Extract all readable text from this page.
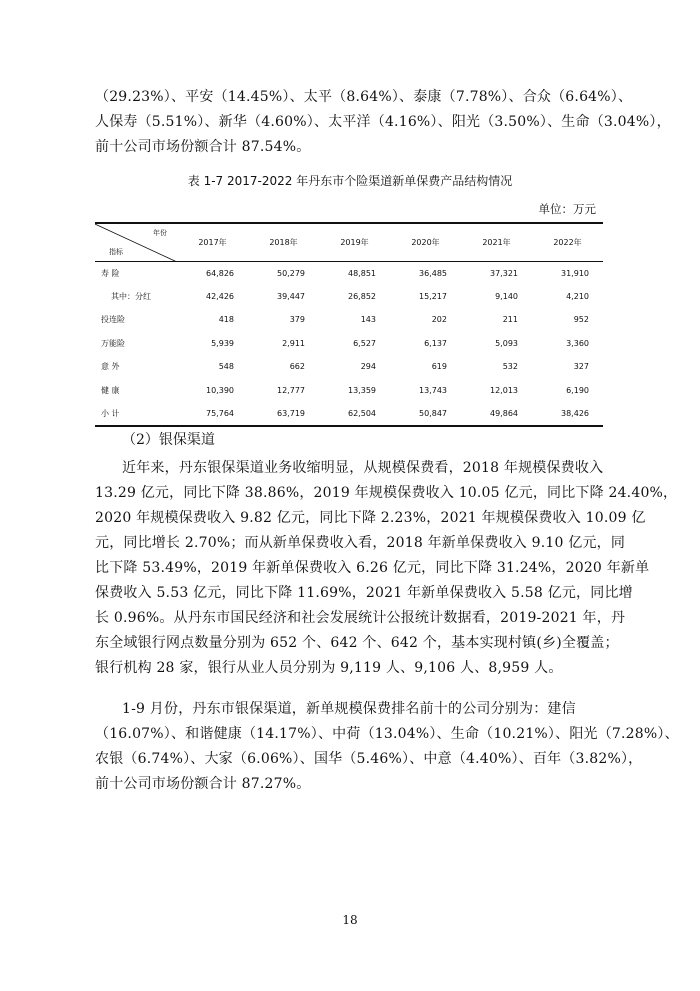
（29.23%）、平安（14.45%）、太平（8.64%）、泰康（7.78%）、合众（6.64%）、

人保寿（5.51%）、新华（4.60%）、太平洋（4.16%）、阳光（3.50%）、生命（3.04%），

前十公司市场份额合计 87.54%。

表 1-7 2017-2022 年丹东市个险渠道新单保费产品结构情况

单位：万元
年份
指标	2017年	2018年	2019年	2020年	2021年	2022年
寿 险	64,826	50,279	48,851	36,485	37,321	31,910
其中：分红	42,426	39,447	26,852	15,217	9,140	4,210
投连险	418	379	143	202	211	952
万能险	5,939	2,911	6,527	6,137	5,093	3,360
意 外	548	662	294	619	532	327
健 康	10,390	12,777	13,359	13,743	12,013	6,190
小 计	75,764	63,719	62,504	50,847	49,864	38,426

（2）银保渠道

近年来，丹东银保渠道业务收缩明显，从规模保费看，2018 年规模保费收入

13.29 亿元，同比下降 38.86%，2019 年规模保费收入 10.05 亿元，同比下降 24.40%，

2020 年规模保费收入 9.82 亿元，同比下降 2.23%，2021 年规模保费收入 10.09 亿

元，同比增长 2.70%；而从新单保费收入看，2018 年新单保费收入 9.10 亿元，同

比下降 53.49%，2019 年新单保费收入 6.26 亿元，同比下降 31.24%，2020 年新单

保费收入 5.53 亿元，同比下降 11.69%，2021 年新单保费收入 5.58 亿元，同比增

长 0.96%。从丹东市国民经济和社会发展统计公报统计数据看，2019-2021 年，丹

东全域银行网点数量分别为 652 个、642 个、642 个，基本实现村镇(乡)全覆盖；

银行机构 28 家，银行从业人员分别为 9,119 人、9,106 人、8,959 人。

1-9 月份，丹东市银保渠道，新单规模保费排名前十的公司分别为：建信

（16.07%）、和谐健康（14.17%）、中荷（13.04%）、生命（10.21%）、阳光（7.28%）、

农银（6.74%）、大家（6.06%）、国华（5.46%）、中意（4.40%）、百年（3.82%），

前十公司市场份额合计 87.27%。

18
